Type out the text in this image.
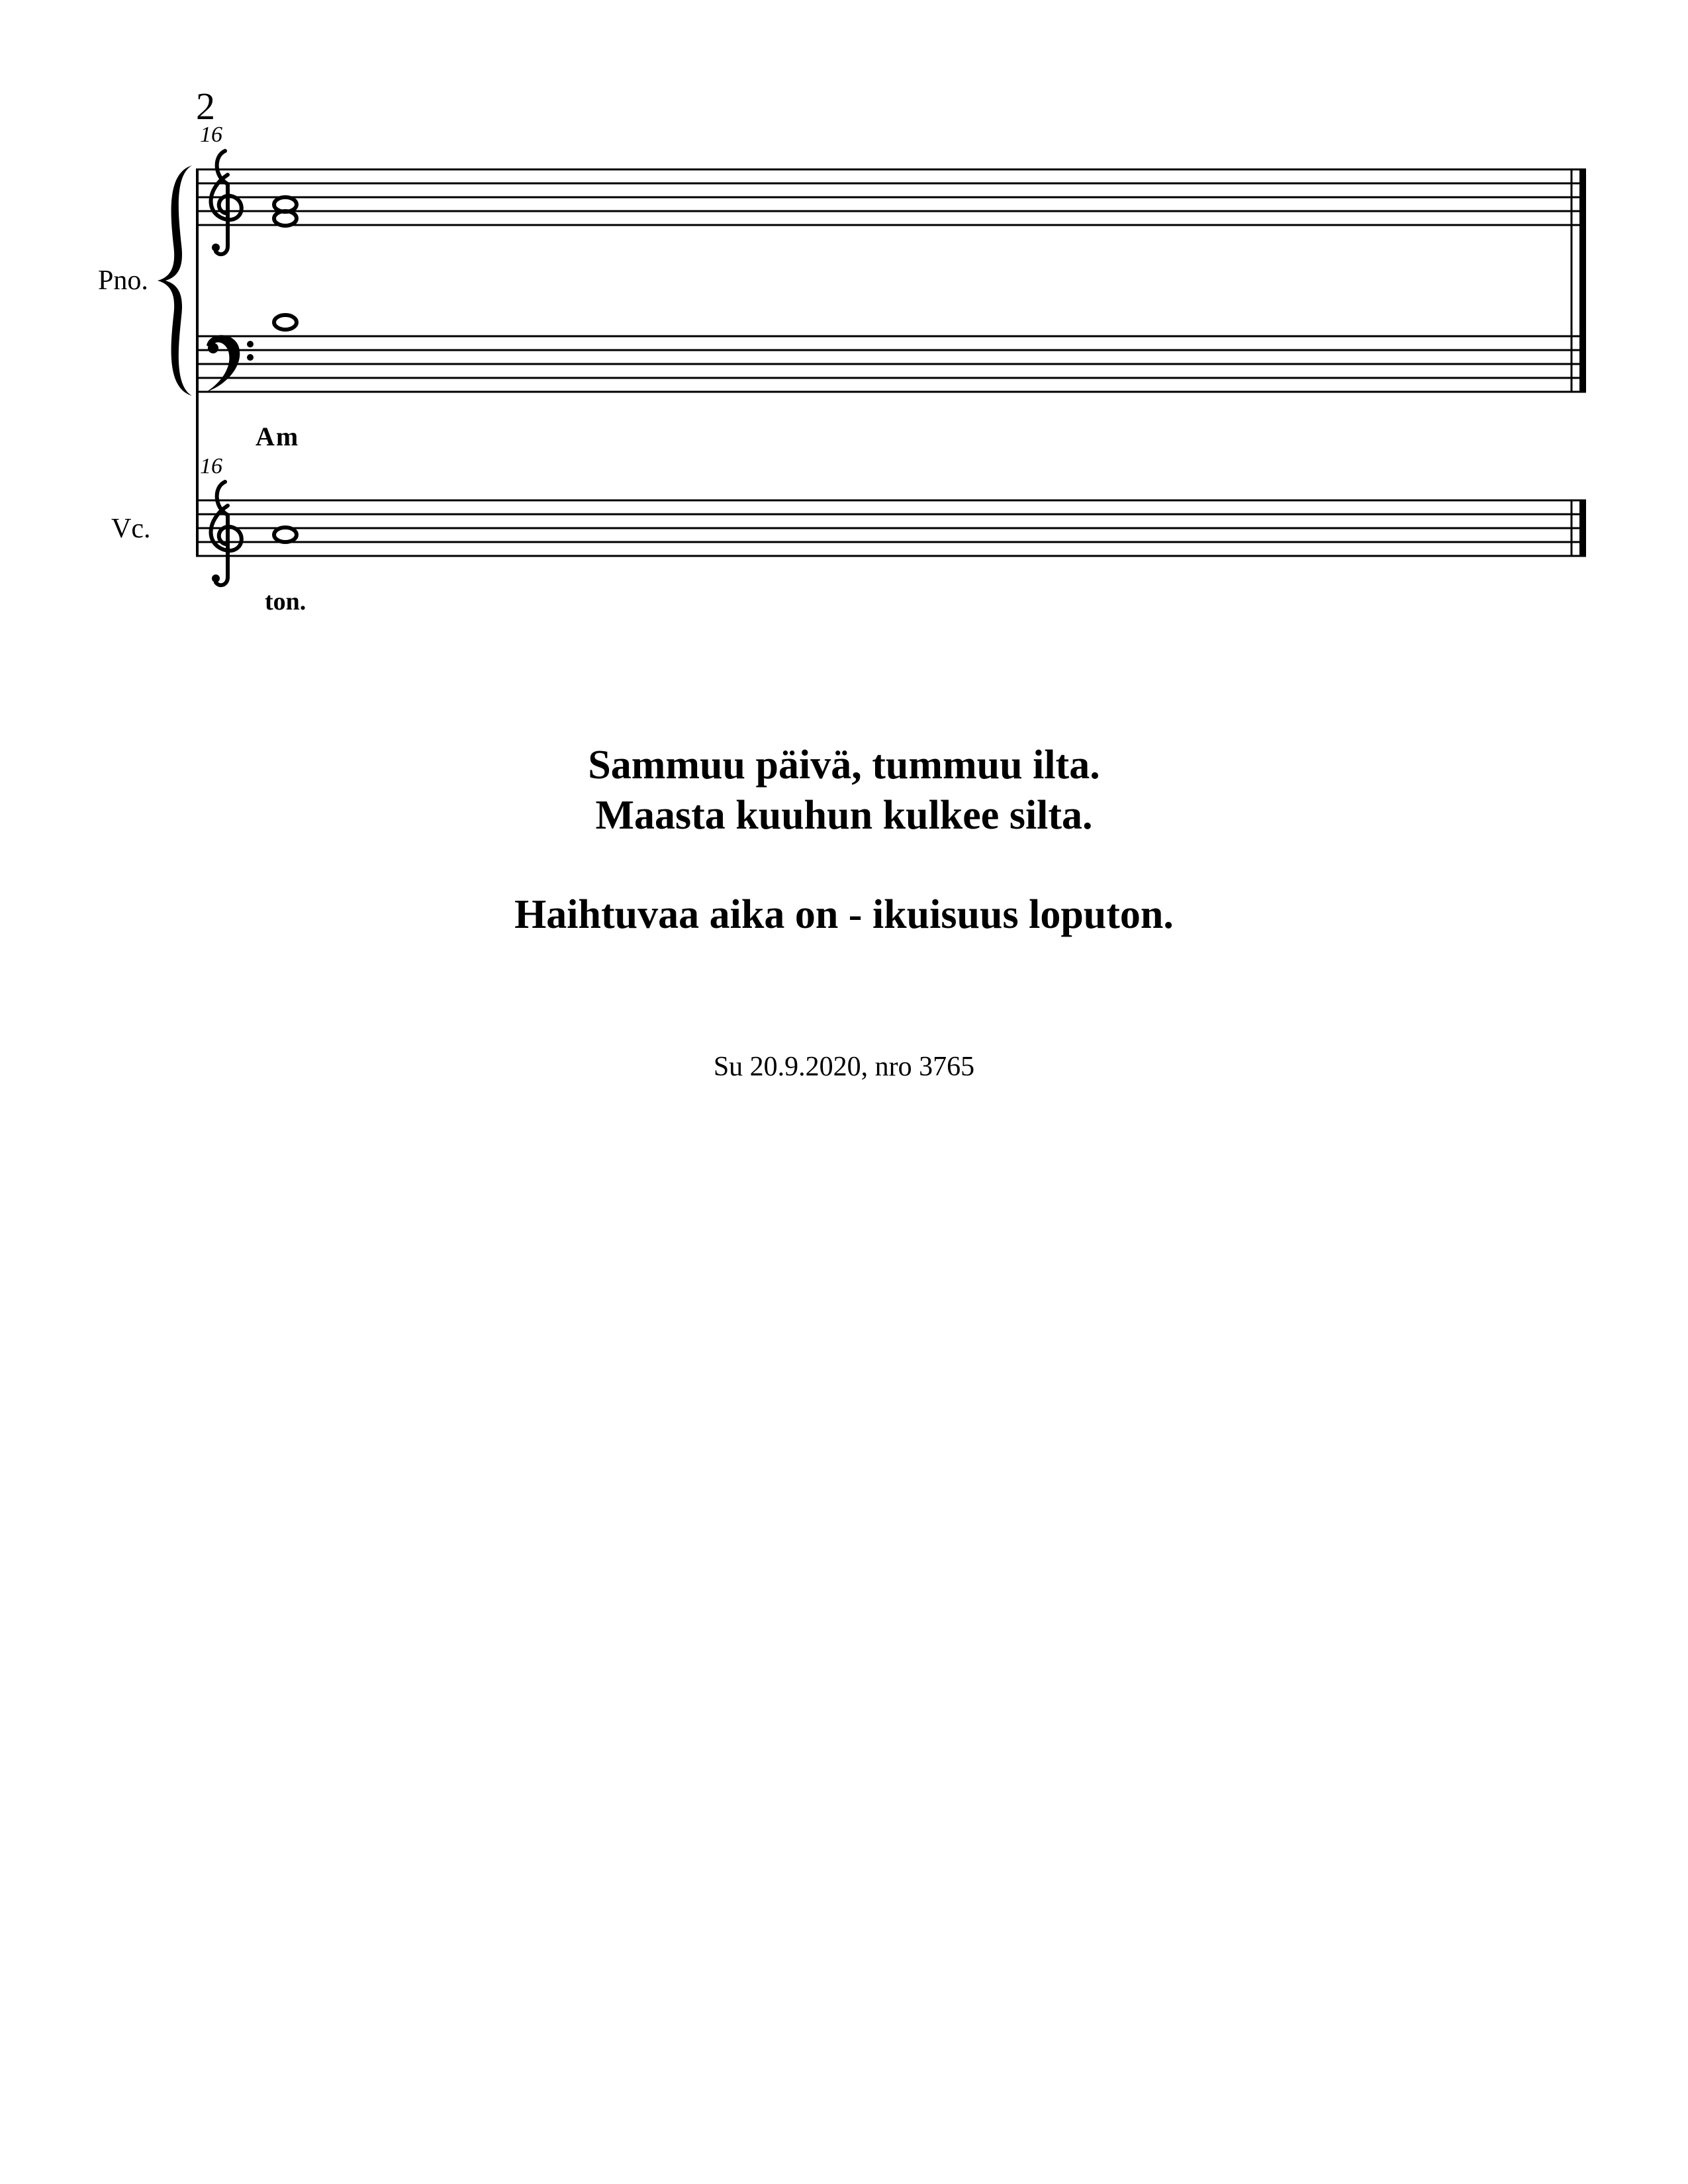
2
16
16
Pno.
Vc.
Am
ton.
Sammuu päivä, tummuu ilta.
Maasta kuuhun kulkee silta.
Haihtuvaa aika on - ikuisuus loputon.
Su 20.9.2020, nro 3765
